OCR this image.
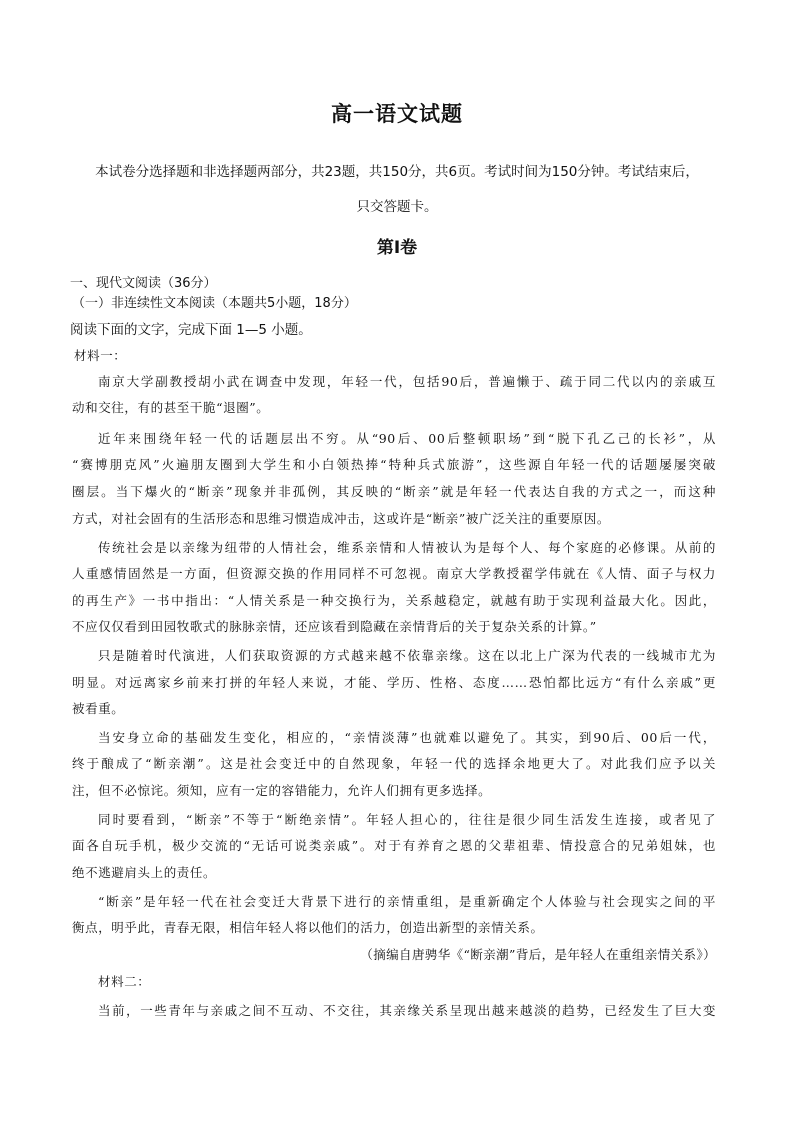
高一语文试题
本试卷分选择题和非选择题两部分，共23题，共150分，共6页。考试时间为150分钟。考试结束后，
只交答题卡。
第Ⅰ卷
一、现代文阅读（36分）
（一）非连续性文本阅读（本题共5小题，18分）
阅读下面的文字，完成下面 1—5 小题。
材料一：
南京大学副教授胡小武在调查中发现，年轻一代，包括90后，普遍懒于、疏于同二代以内的亲戚互
动和交往，有的甚至干脆“退圈”。
近年来围绕年轻一代的话题层出不穷。从“90后、00后整顿职场”到“脱下孔乙己的长衫”，从
“赛博朋克风”火遍朋友圈到大学生和小白领热捧“特种兵式旅游”，这些源自年轻一代的话题屡屡突破
圈层。当下爆火的“断亲”现象并非孤例，其反映的“断亲”就是年轻一代表达自我的方式之一，而这种
方式，对社会固有的生活形态和思维习惯造成冲击，这或许是“断亲”被广泛关注的重要原因。
传统社会是以亲缘为纽带的人情社会，维系亲情和人情被认为是每个人、每个家庭的必修课。从前的
人重感情固然是一方面，但资源交换的作用同样不可忽视。南京大学教授翟学伟就在《人情、面子与权力
的再生产》一书中指出：“人情关系是一种交换行为，关系越稳定，就越有助于实现利益最大化。因此，
不应仅仅看到田园牧歌式的脉脉亲情，还应该看到隐藏在亲情背后的关于复杂关系的计算。”
只是随着时代演进，人们获取资源的方式越来越不依靠亲缘。这在以北上广深为代表的一线城市尤为
明显。对远离家乡前来打拼的年轻人来说，才能、学历、性格、态度……恐怕都比远方“有什么亲戚”更
被看重。
当安身立命的基础发生变化，相应的，“亲情淡薄”也就难以避免了。其实，到90后、00后一代，
终于酿成了“断亲潮”。这是社会变迁中的自然现象，年轻一代的选择余地更大了。对此我们应予以关
注，但不必惊诧。须知，应有一定的容错能力，允许人们拥有更多选择。
同时要看到，“断亲”不等于“断绝亲情”。年轻人担心的，往往是很少同生活发生连接，或者见了
面各自玩手机，极少交流的“无话可说类亲戚”。对于有养育之恩的父辈祖辈、情投意合的兄弟姐妹，也
绝不逃避肩头上的责任。
“断亲”是年轻一代在社会变迁大背景下进行的亲情重组，是重新确定个人体验与社会现实之间的平
衡点，明乎此，青春无限，相信年轻人将以他们的活力，创造出新型的亲情关系。
（摘编自唐骋华《“断亲潮”背后，是年轻人在重组亲情关系》）
材料二：
当前，一些青年与亲戚之间不互动、不交往，其亲缘关系呈现出越来越淡的趋势，已经发生了巨大变
